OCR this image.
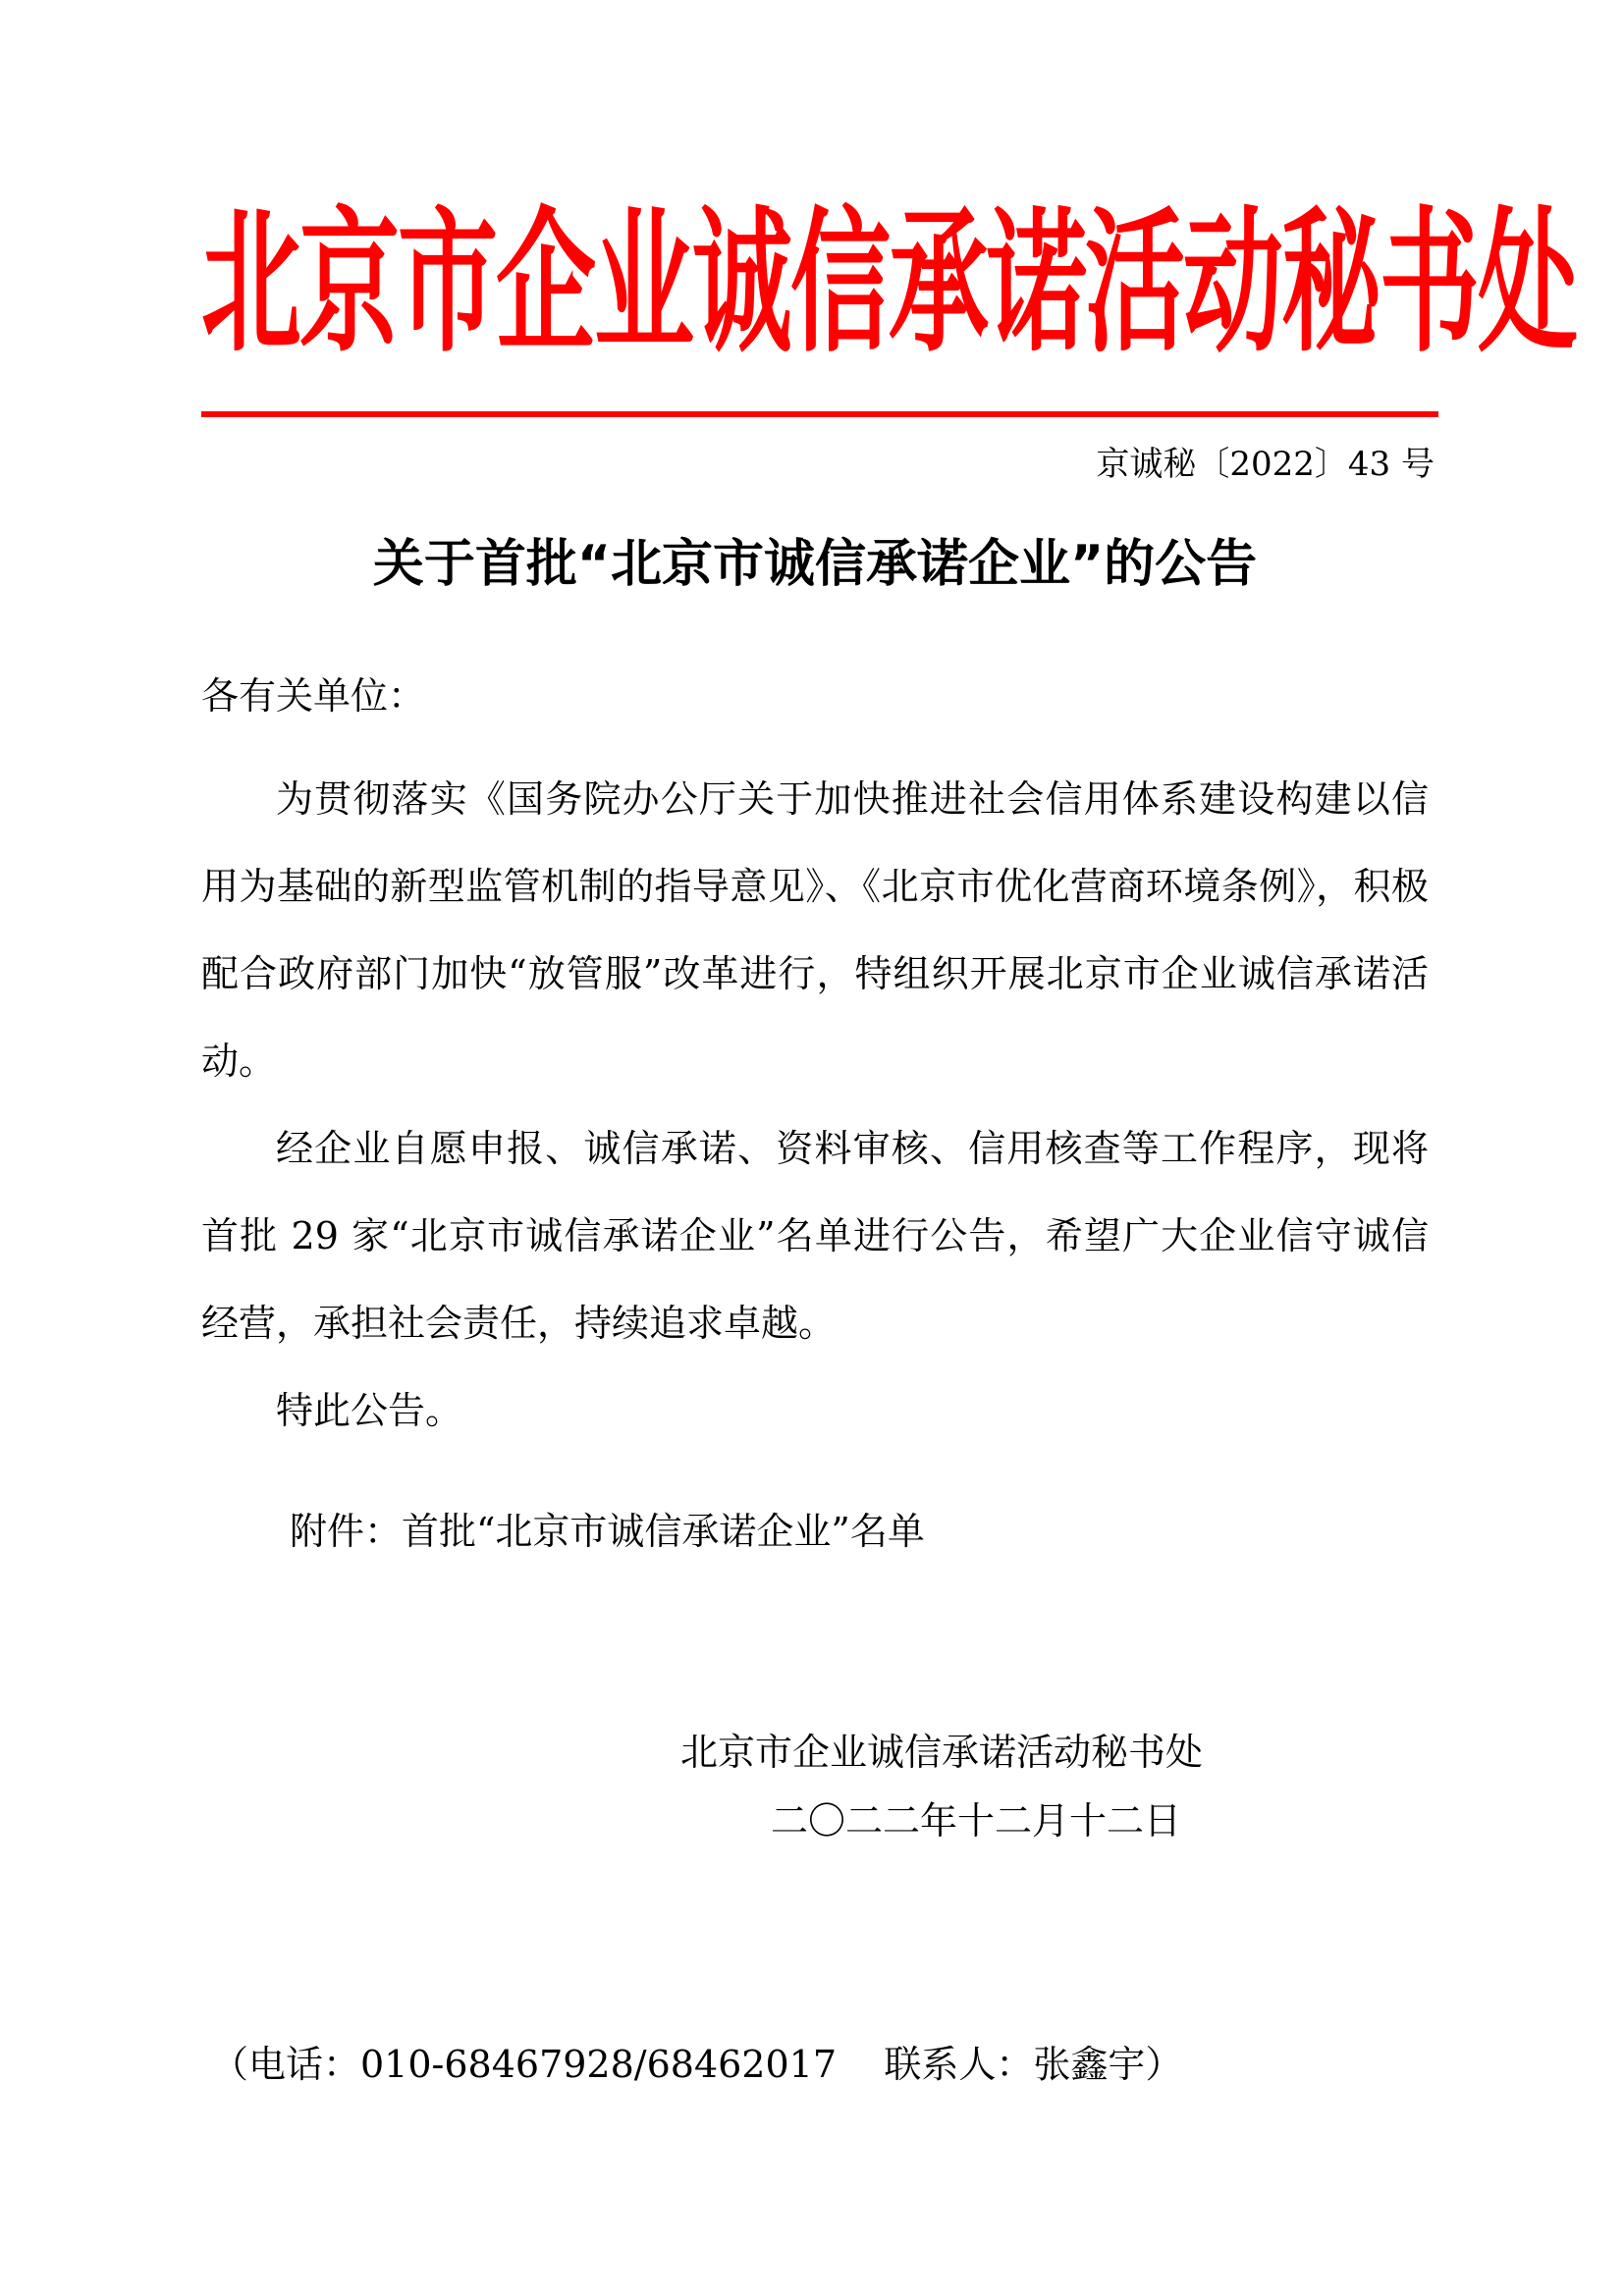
北京市企业诚信承诺活动秘书处
京诚秘〔2022〕43 号
关于首批“北京市诚信承诺企业”的公告
各有关单位：

为贯彻落实《国务院办公厅关于加快推进社会信用体系建设构建以信用为基础的新型监管机制的指导意见》、《北京市优化营商环境条例》，积极配合政府部门加快“放管服”改革进行，特组织开展北京市企业诚信承诺活动。

经企业自愿申报、诚信承诺、资料审核、信用核查等工作程序，现将首批 29 家“北京市诚信承诺企业”名单进行公告，希望广大企业信守诚信经营，承担社会责任，持续追求卓越。

特此公告。

附件：首批“北京市诚信承诺企业”名单
北京市企业诚信承诺活动秘书处
二〇二二年十二月十二日
（电话：010-68467928/68462017    联系人：张鑫宇）
